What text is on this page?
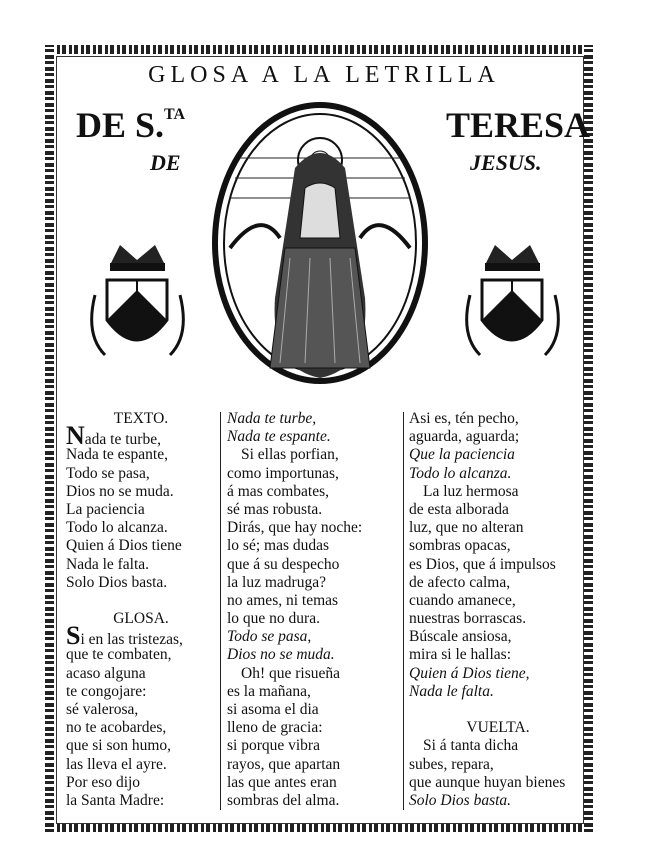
GLOSA A LA LETRILLA
DE S.$^{TA}$	TERESA
DE	JESUS.
TEXTO.
Nada te turbe,
Nada te espante,
Todo se pasa,
Dios no se muda.
La paciencia
Todo lo alcanza.
Quien á Dios tiene
Nada le falta.
Solo Dios basta.
GLOSA.
Si en las tristezas,
que te combaten,
acaso alguna
te congojare:
sé valerosa,
no te acobardes,
que si son humo,
las lleva el ayre.
Por eso dijo
la Santa Madre:
Nada te turbe,
Nada te espante.
Si ellas porfian,
como importunas,
á mas combates,
sé mas robusta.
Dirás, que hay noche:
lo sé; mas dudas
que á su despecho
la luz madruga?
no ames, ni temas
lo que no dura.
Todo se pasa,
Dios no se muda.
Oh! que risueña
es la mañana,
si asoma el dia
lleno de gracia:
si porque vibra
rayos, que apartan
las que antes eran
sombras del alma.
Asi es, tén pecho,
aguarda, aguarda;
Que la paciencia
Todo lo alcanza.
La luz hermosa
de esta alborada
luz, que no alteran
sombras opacas,
es Dios, que á impulsos
de afecto calma,
cuando amanece,
nuestras borrascas.
Búscale ansiosa,
mira si le hallas:
Quien á Dios tiene,
Nada le falta.
VUELTA.
Si á tanta dicha
subes, repara,
que aunque huyan bienes
Solo Dios basta.
